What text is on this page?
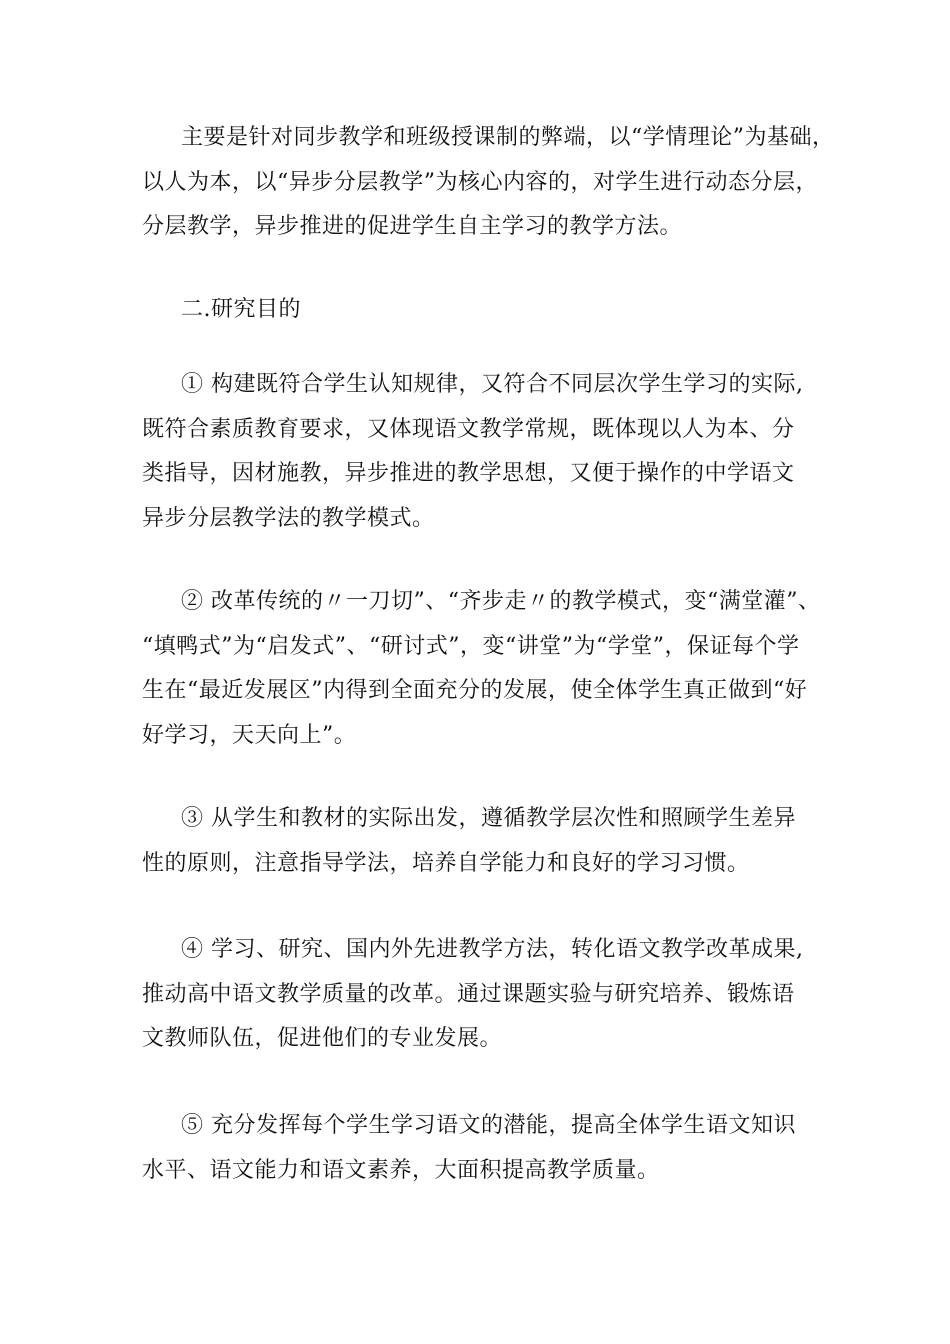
主要是针对同步教学和班级授课制的弊端，以“学情理论”为基础，
以人为本，以“异步分层教学”为核心内容的，对学生进行动态分层，
分层教学，异步推进的促进学生自主学习的教学方法。

二.研究目的

① 构建既符合学生认知规律，又符合不同层次学生学习的实际,
既符合素质教育要求，又体现语文教学常规，既体现以人为本、分
类指导，因材施教，异步推进的教学思想，又便于操作的中学语文
异步分层教学法的教学模式。

② 改革传统的〃一刀切”、“齐步走〃的教学模式，变“满堂灌”、
“填鸭式”为“启发式”、“研讨式”，变“讲堂”为“学堂”，保证每个学
生在“最近发展区”内得到全面充分的发展，使全体学生真正做到“好
好学习，天天向上”。

③ 从学生和教材的实际出发，遵循教学层次性和照顾学生差异
性的原则，注意指导学法，培养自学能力和良好的学习习惯。

④ 学习、研究、国内外先进教学方法，转化语文教学改革成果,
推动高中语文教学质量的改革。通过课题实验与研究培养、锻炼语
文教师队伍，促进他们的专业发展。

⑤ 充分发挥每个学生学习语文的潜能，提高全体学生语文知识
水平、语文能力和语文素养，大面积提高教学质量。
